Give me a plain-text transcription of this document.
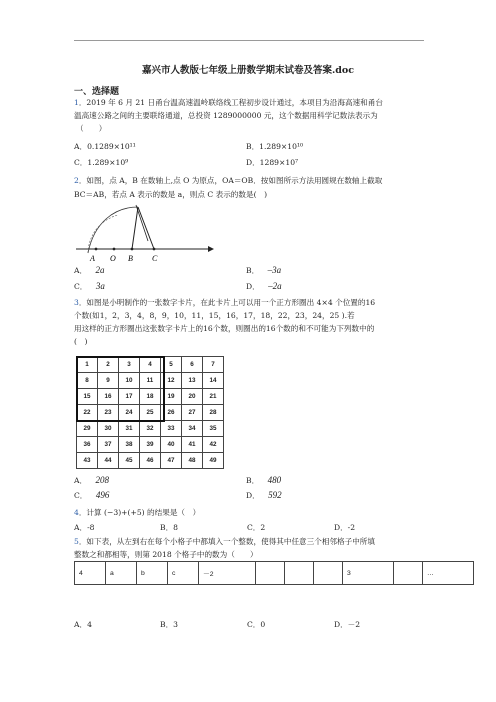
嘉兴市人教版七年级上册数学期末试卷及答案.doc
一、选择题
1．2019 年 6 月 21 日甬台温高速温岭联络线工程初步设计通过，本项目为沿海高速和甬台
温高速公路之间的主要联络通道，总投资 1289000000 元，这个数据用科学记数法表示为
（　　）
A．0.1289×10¹¹	B．1.289×10¹⁰
C．1.289×10⁹	D．1289×10⁷
2．如图，点 A，B 在数轴上,点 O 为原点，OA＝OB．按如图所示方法用圆规在数轴上截取
BC＝AB，若点 A 表示的数是 a，则点 C 表示的数是(　)
A O B C
A． 2a	B． –3a
C． 3a	D． –2a
3．如图是小明制作的一张数字卡片，在此卡片上可以用一个正方形圈出 4×4 个位置的16
个数(如1，2，3，4，8，9，10，11，15，16，17，18，22，23，24，25 ).若
用这样的正方形圈出这张数字卡片上的16个数，则圈出的16个数的和不可能为下列数中的
(　)
1	2	3	4	5	6	7
8	9	10	11	12	13	14
15	16	17	18	19	20	21
22	23	24	25	26	27	28
29	30	31	32	33	34	35
36	37	38	39	40	41	42
43	44	45	46	47	48	49
A． 208	B． 480
C． 496	D． 592
4．计算 (−3)+(+5) 的结果是（　）
A．-8	B．8	C．2	D．-2
5．如下表，从左到右在每个小格子中都填入一个整数，使得其中任意三个相邻格子中所填
整数之和都相等，则第 2018 个格子中的数为（　　）
4	a	b	c	－2				3		…
A．4	B．3	C．0	D．－2
